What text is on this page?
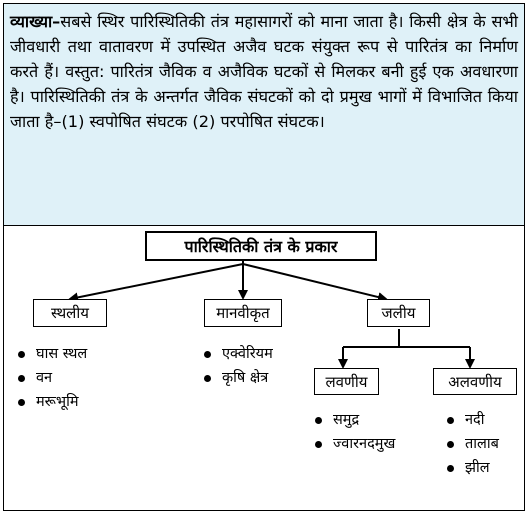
व्याख्या–सबसे स्थिर पारिस्थितिकी तंत्र महासागरों को माना जाता है। किसी क्षेत्र के सभी जीवधारी तथा वातावरण में उपस्थित अजैव घटक संयुक्त रूप से पारितंत्र का निर्माण करते हैं। वस्तुत: पारितंत्र जैविक व अजैविक घटकों से मिलकर बनी हुई एक अवधारणा है। पारिस्थितिकी तंत्र के अन्तर्गत जैविक संघटकों को दो प्रमुख भागों में विभाजित किया जाता है–(1) स्वपोषित संघटक (2) परपोषित संघटक।
पारिस्थितिकी तंत्र के प्रकार
स्थलीय	मानवीकृत	जलीय
लवणीय	अलवणीय
घास स्थल
वन
मरूभूमि
एक्वेरियम
कृषि क्षेत्र
समुद्र
ज्वारनदमुख
नदी
तालाब
झील
